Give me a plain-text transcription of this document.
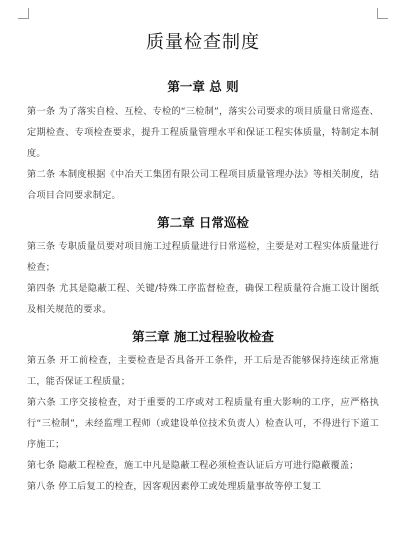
质量检查制度
第一章 总 则

第一条 为了落实自检、互检、专检的“三检制”，落实公司要求的项目质量日常巡查、定期检查、专项检查要求，提升工程质量管理水平和保证工程实体质量，特制定本制度。

第二条 本制度根据《中冶天工集团有限公司工程项目质量管理办法》等相关制度，结合项目合同要求制定。

第二章 日常巡检

第三条 专职质量员要对项目施工过程质量进行日常巡检，主要是对工程实体质量进行检查；

第四条 尤其是隐蔽工程、关键/特殊工序监督检查，确保工程质量符合施工设计图纸及相关规范的要求。

第三章 施工过程验收检查

第五条 开工前检查，主要检查是否具备开工条件，开工后是否能够保持连续正常施工，能否保证工程质量；

第六条 工序交接检查，对于重要的工序或对工程质量有重大影响的工序，应严格执行“三检制”，未经监理工程师（或建设单位技术负责人）检查认可，不得进行下道工序施工；

第七条 隐蔽工程检查，施工中凡是隐蔽工程必须检查认证后方可进行隐蔽覆盖；

第八条 停工后复工的检查，因客观因素停工或处理质量事故等停工复工
